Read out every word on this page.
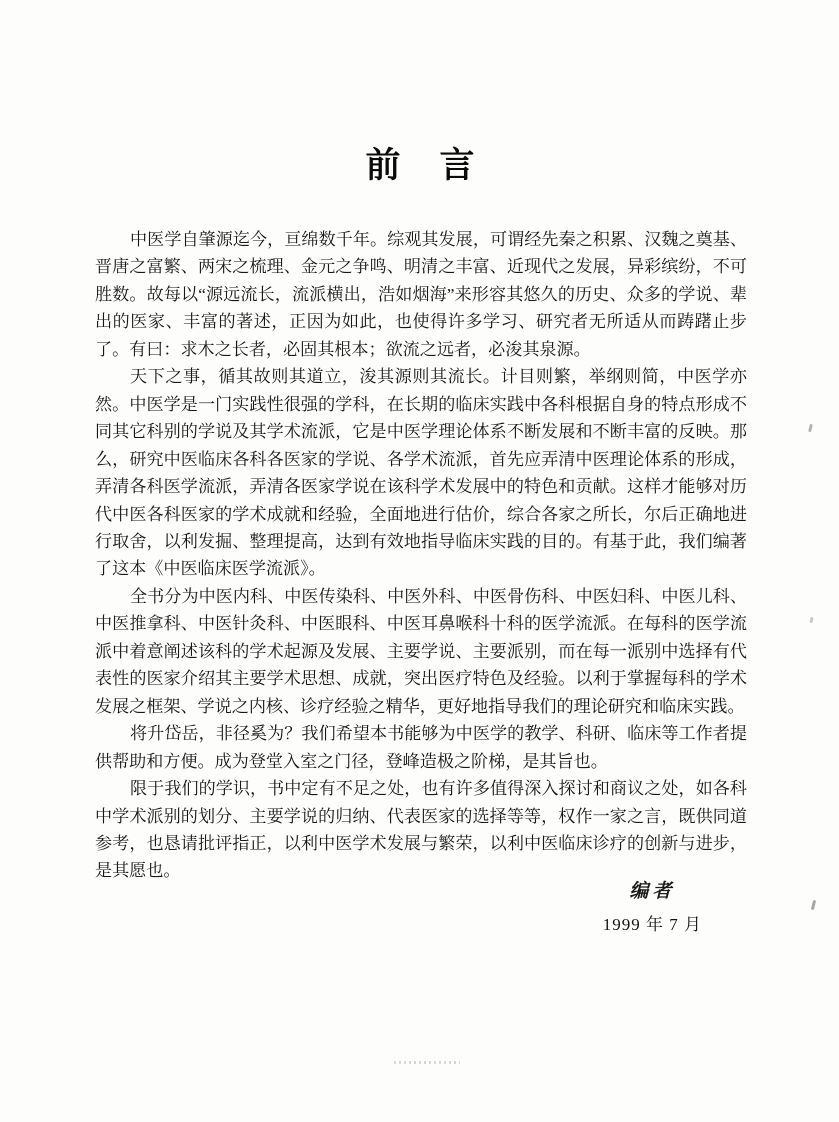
前　言

中医学自肇源迄今，亘绵数千年。综观其发展，可谓经先秦之积累、汉魏之奠基、晋唐之富繁、两宋之梳理、金元之争鸣、明清之丰富、近现代之发展，异彩缤纷，不可胜数。故每以“源远流长，流派横出，浩如烟海”来形容其悠久的历史、众多的学说、辈出的医家、丰富的著述，正因为如此，也使得许多学习、研究者无所适从而踌躇止步了。有曰：求木之长者，必固其根本；欲流之远者，必浚其泉源。

天下之事，循其故则其道立，浚其源则其流长。计目则繁，举纲则简，中医学亦然。中医学是一门实践性很强的学科，在长期的临床实践中各科根据自身的特点形成不同其它科别的学说及其学术流派，它是中医学理论体系不断发展和不断丰富的反映。那么，研究中医临床各科各医家的学说、各学术流派，首先应弄清中医理论体系的形成，弄清各科医学流派，弄清各医家学说在该科学术发展中的特色和贡献。这样才能够对历代中医各科医家的学术成就和经验，全面地进行估价，综合各家之所长，尔后正确地进行取舍，以利发掘、整理提高，达到有效地指导临床实践的目的。有基于此，我们编著了这本《中医临床医学流派》。

全书分为中医内科、中医传染科、中医外科、中医骨伤科、中医妇科、中医儿科、中医推拿科、中医针灸科、中医眼科、中医耳鼻喉科十科的医学流派。在每科的医学流派中着意阐述该科的学术起源及发展、主要学说、主要派别，而在每一派别中选择有代表性的医家介绍其主要学术思想、成就，突出医疗特色及经验。以利于掌握每科的学术发展之框架、学说之内核、诊疗经验之精华，更好地指导我们的理论研究和临床实践。

将升岱岳，非径奚为？我们希望本书能够为中医学的教学、科研、临床等工作者提供帮助和方便。成为登堂入室之门径，登峰造极之阶梯，是其旨也。

限于我们的学识，书中定有不足之处，也有许多值得深入探讨和商议之处，如各科中学术派别的划分、主要学说的归纳、代表医家的选择等等，权作一家之言，既供同道参考，也恳请批评指正，以利中医学术发展与繁荣，以利中医临床诊疗的创新与进步，是其愿也。

编者
1999 年 7 月
